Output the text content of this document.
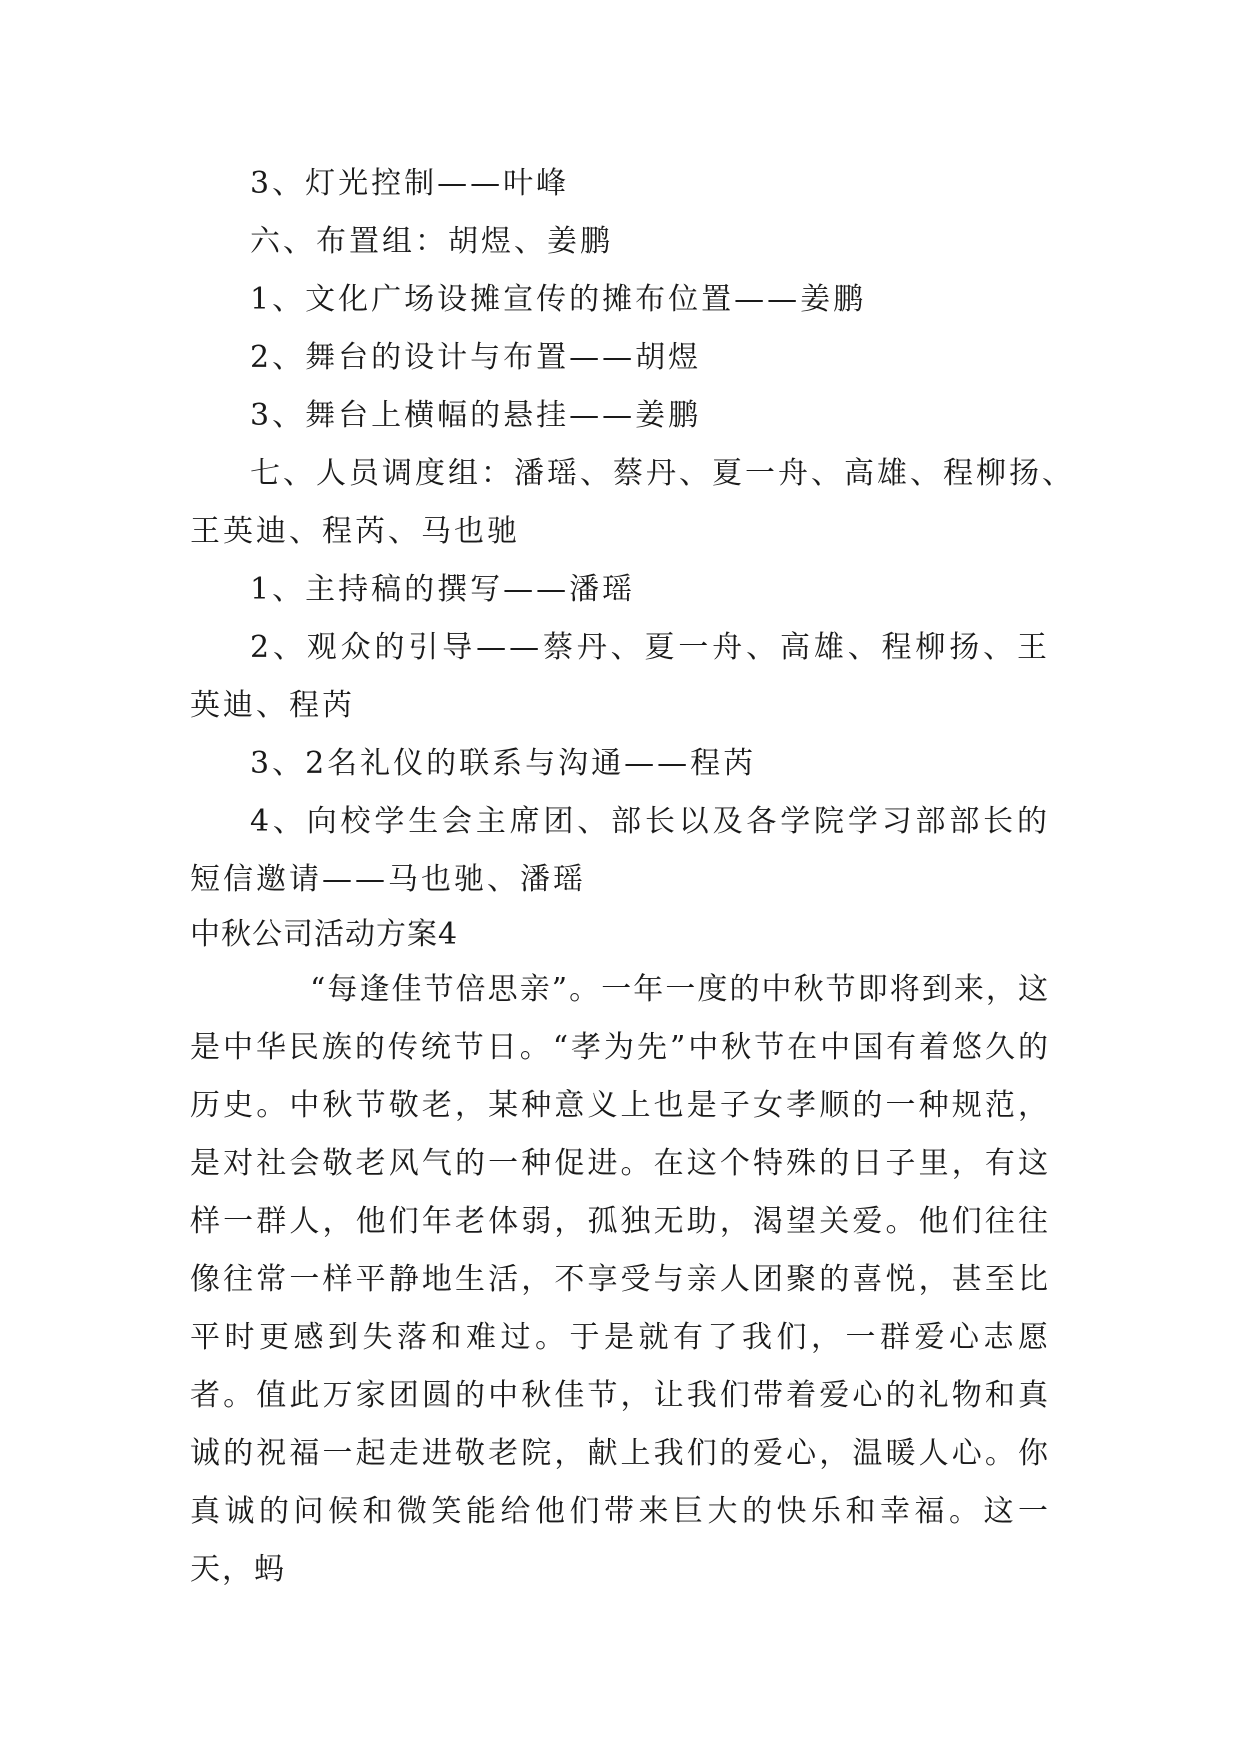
3、灯光控制——叶峰
六、布置组：胡煜、姜鹏
1、文化广场设摊宣传的摊布位置——姜鹏
2、舞台的设计与布置——胡煜
3、舞台上横幅的悬挂——姜鹏
七、人员调度组：潘瑶、蔡丹、夏一舟、高雄、程柳扬、
王英迪、程芮、马也驰
1、主持稿的撰写——潘瑶
2、观众的引导——蔡丹、夏一舟、高雄、程柳扬、王
英迪、程芮
3、2名礼仪的联系与沟通——程芮
4、向校学生会主席团、部长以及各学院学习部部长的
短信邀请——马也驰、潘瑶
中秋公司活动方案4
“每逢佳节倍思亲”。一年一度的中秋节即将到来，这是中华民族的传统节日。“孝为先”中秋节在中国有着悠久的历史。中秋节敬老，某种意义上也是子女孝顺的一种规范，是对社会敬老风气的一种促进。在这个特殊的日子里，有这样一群人，他们年老体弱，孤独无助，渴望关爱。他们往往像往常一样平静地生活，不享受与亲人团聚的喜悦，甚至比平时更感到失落和难过。于是就有了我们，一群爱心志愿者。值此万家团圆的中秋佳节，让我们带着爱心的礼物和真诚的祝福一起走进敬老院，献上我们的爱心，温暖人心。你真诚的问候和微笑能给他们带来巨大的快乐和幸福。这一天，蚂
